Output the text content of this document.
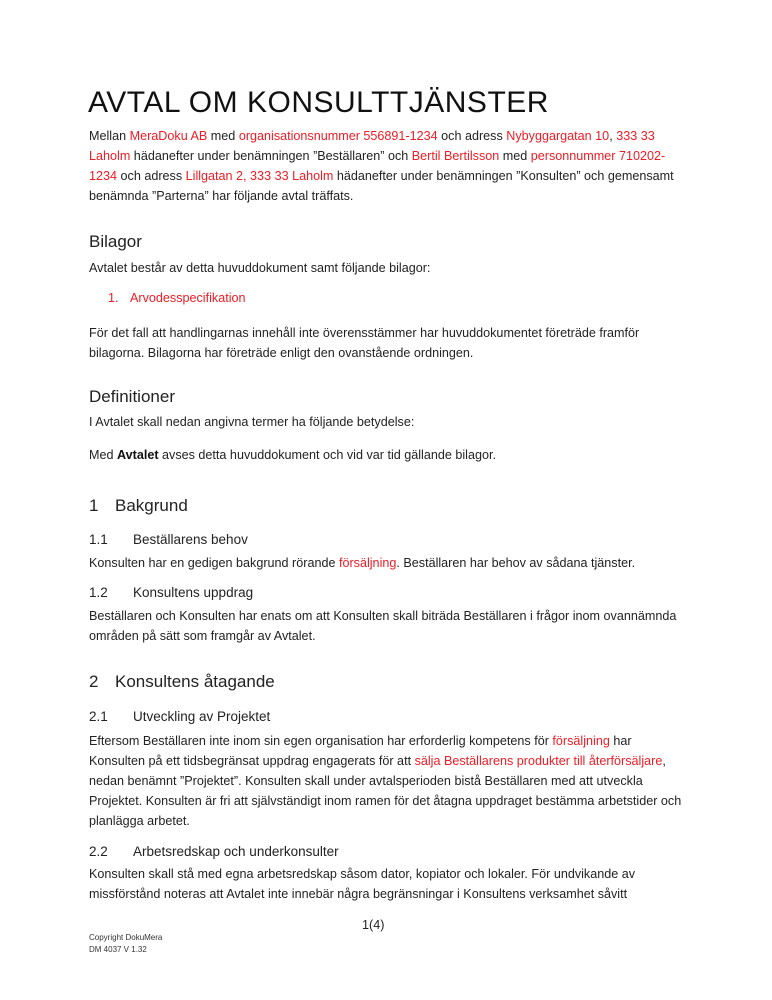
AVTAL OM KONSULTTJÄNSTER

Mellan MeraDoku AB med organisationsnummer 556891-1234 och adress Nybyggargatan 10, 333 33 Laholm hädanefter under benämningen ”Beställaren” och Bertil Bertilsson med personnummer 710202-1234 och adress Lillgatan 2, 333 33 Laholm hädanefter under benämningen ”Konsulten” och gemensamt benämnda ”Parterna” har följande avtal träffats.

Bilagor

Avtalet består av detta huvuddokument samt följande bilagor:

1. Arvodesspecifikation

För det fall att handlingarnas innehåll inte överensstämmer har huvuddokumentet företräde framför bilagorna. Bilagorna har företräde enligt den ovanstående ordningen.

Definitioner

I Avtalet skall nedan angivna termer ha följande betydelse:

Med Avtalet avses detta huvuddokument och vid var tid gällande bilagor.

1 Bakgrund
1.1 Beställarens behov

Konsulten har en gedigen bakgrund rörande försäljning. Beställaren har behov av sådana tjänster.

1.2 Konsultens uppdrag

Beställaren och Konsulten har enats om att Konsulten skall biträda Beställaren i frågor inom ovannämnda områden på sätt som framgår av Avtalet.

2 Konsultens åtagande
2.1 Utveckling av Projektet

Eftersom Beställaren inte inom sin egen organisation har erforderlig kompetens för försäljning har Konsulten på ett tidsbegränsat uppdrag engagerats för att sälja Beställarens produkter till återförsäljare, nedan benämnt ”Projektet”. Konsulten skall under avtalsperioden bistå Beställaren med att utveckla Projektet. Konsulten är fri att självständigt inom ramen för det åtagna uppdraget bestämma arbetstider och planlägga arbetet.

2.2 Arbetsredskap och underkonsulter

Konsulten skall stå med egna arbetsredskap såsom dator, kopiator och lokaler. För undvikande av missförstånd noteras att Avtalet inte innebär några begränsningar i Konsultens verksamhet såvitt

1(4)
Copyright DokuMera
DM 4037 V 1.32
